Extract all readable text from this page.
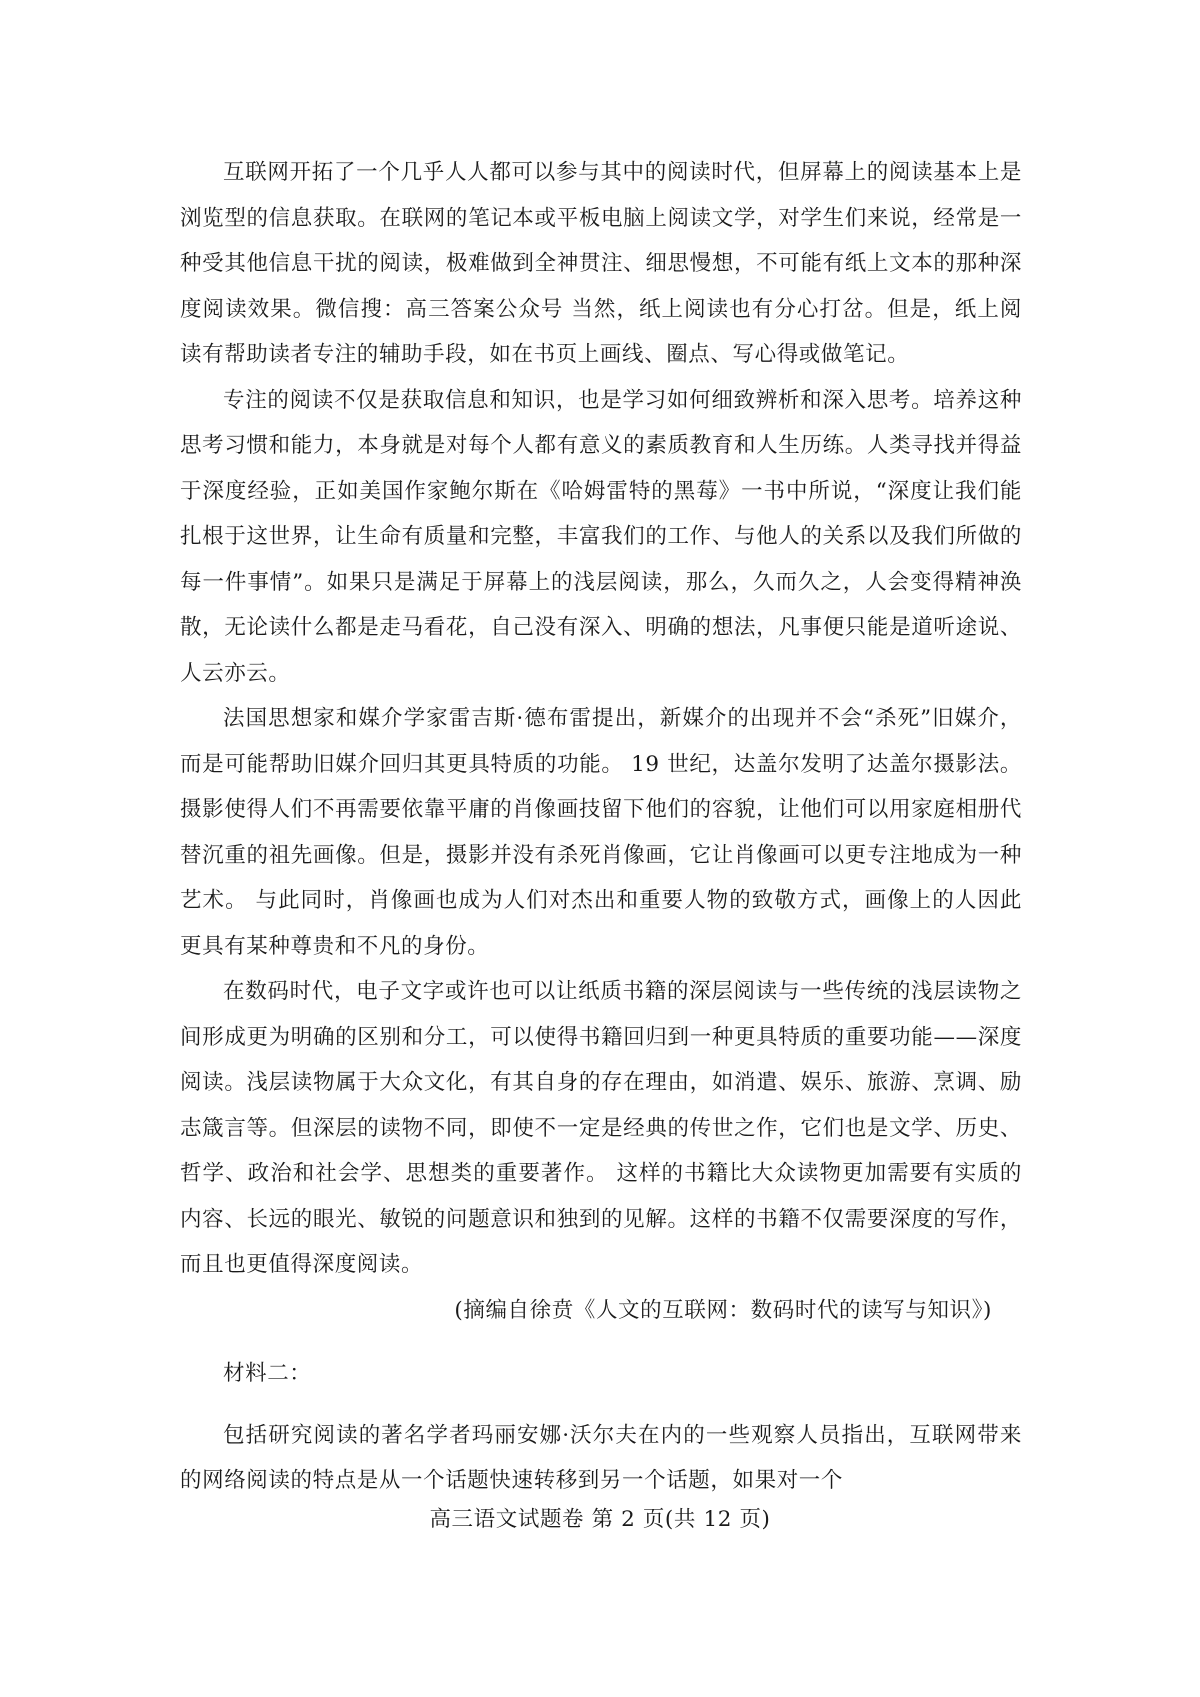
互联网开拓了一个几乎人人都可以参与其中的阅读时代，但屏幕上的阅读基本上是浏览型的信息获取。在联网的笔记本或平板电脑上阅读文学，对学生们来说，经常是一种受其他信息干扰的阅读，极难做到全神贯注、细思慢想，不可能有纸上文本的那种深度阅读效果。微信搜：高三答案公众号 当然，纸上阅读也有分心打岔。但是，纸上阅读有帮助读者专注的辅助手段，如在书页上画线、圈点、写心得或做笔记。

专注的阅读不仅是获取信息和知识，也是学习如何细致辨析和深入思考。培养这种思考习惯和能力，本身就是对每个人都有意义的素质教育和人生历练。人类寻找并得益于深度经验，正如美国作家鲍尔斯在《哈姆雷特的黑莓》一书中所说，“深度让我们能扎根于这世界，让生命有质量和完整，丰富我们的工作、与他人的关系以及我们所做的每一件事情”。如果只是满足于屏幕上的浅层阅读，那么，久而久之，人会变得精神涣散，无论读什么都是走马看花，自己没有深入、明确的想法，凡事便只能是道听途说、人云亦云。

法国思想家和媒介学家雷吉斯·德布雷提出，新媒介的出现并不会“杀死”旧媒介，而是可能帮助旧媒介回归其更具特质的功能。 19 世纪，达盖尔发明了达盖尔摄影法。摄影使得人们不再需要依靠平庸的肖像画技留下他们的容貌，让他们可以用家庭相册代替沉重的祖先画像。但是，摄影并没有杀死肖像画，它让肖像画可以更专注地成为一种艺术。 与此同时，肖像画也成为人们对杰出和重要人物的致敬方式，画像上的人因此更具有某种尊贵和不凡的身份。

在数码时代，电子文字或许也可以让纸质书籍的深层阅读与一些传统的浅层读物之间形成更为明确的区别和分工，可以使得书籍回归到一种更具特质的重要功能——深度阅读。浅层读物属于大众文化，有其自身的存在理由，如消遣、娱乐、旅游、烹调、励志箴言等。但深层的读物不同，即使不一定是经典的传世之作，它们也是文学、历史、哲学、政治和社会学、思想类的重要著作。 这样的书籍比大众读物更加需要有实质的内容、长远的眼光、敏锐的问题意识和独到的见解。这样的书籍不仅需要深度的写作，而且也更值得深度阅读。

(摘编自徐贲《人文的互联网：数码时代的读写与知识》)

材料二：

包括研究阅读的著名学者玛丽安娜·沃尔夫在内的一些观察人员指出，互联网带来的网络阅读的特点是从一个话题快速转移到另一个话题，如果对一个

高三语文试题卷 第 2 页(共 12 页)
